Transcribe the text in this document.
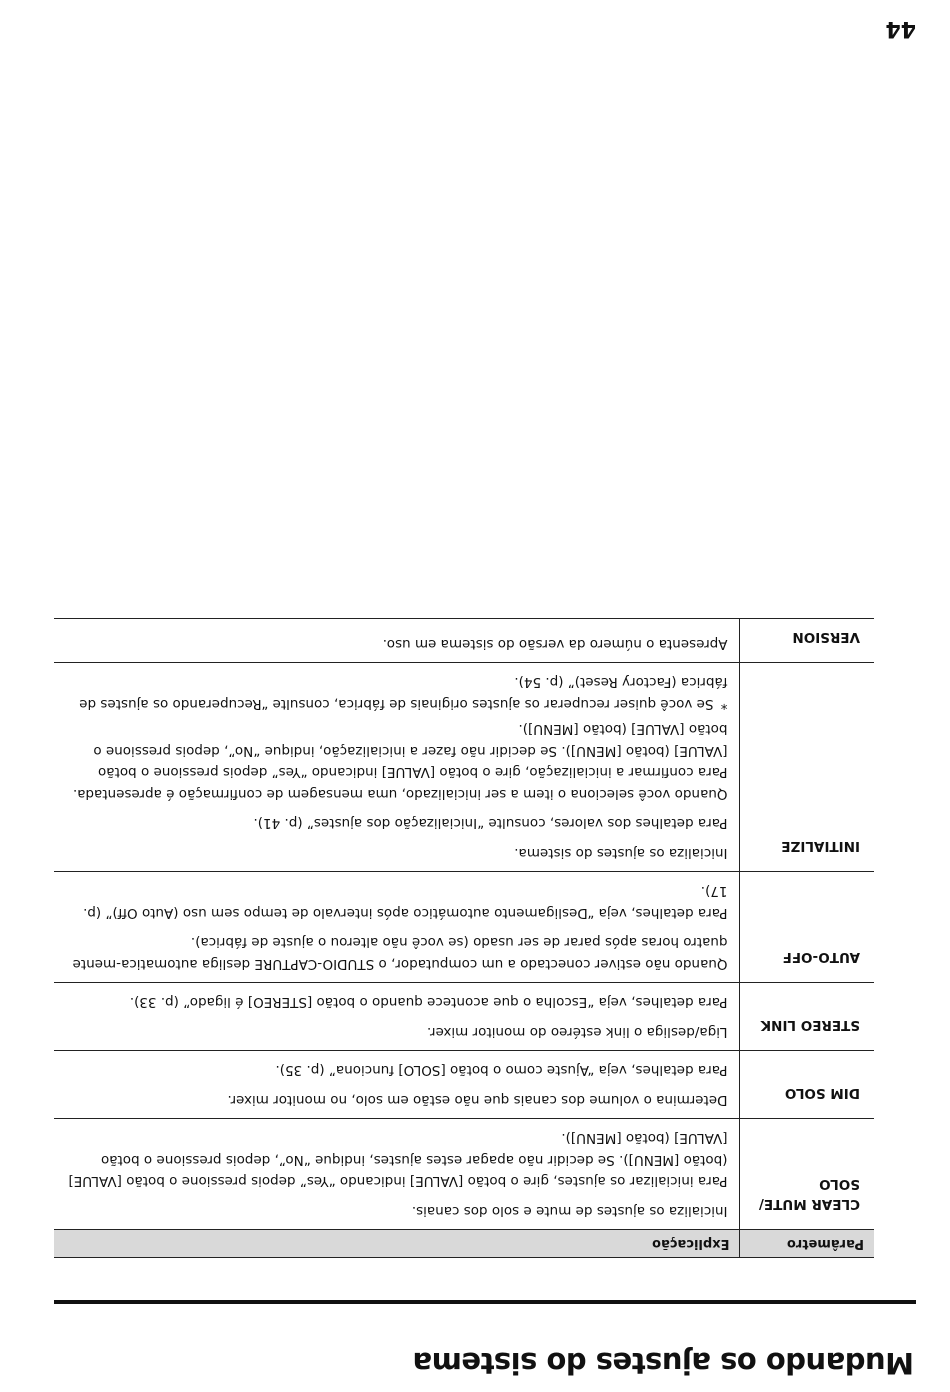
Mudando os ajustes do sistema
Parâmetro	Explicação
CLEAR MUTE/ SOLO	Inicializa os ajustes de mute e solo dos canais.

Para inicializar os ajustes, gire o botão [VALUE] indicando “Yes” depois pressione o botão [VALUE] (botão [MENU]). Se decidir não apagar estes ajustes, indique “No”, depois pressione o botão [VALUE] (botão [MENU]).

DIM SOLO	Determina o volume dos canais que não estão em solo, no monitor mixer.

Para detalhes, veja “Ajuste como o botão [SOLO] funciona” (p. 35).

STEREO LINK	Liga/desliga o link estéreo do monitor mixer.

Para detalhes, veja “Escolha o que acontece quando o botão [STEREO] é ligado” (p. 33).

AUTO-OFF	Quando não estiver conectado a um computador, o STUDIO-CAPTURE desliga automatica-mente quatro horas após parar de ser usado (se você não alterou o ajuste de fábrica).

Para detalhes, veja “Desligamento automático após intervalo de tempo sem uso (Auto Off)” (p. 17).

INITIALIZE	Inicializa os ajustes do sistema.

Para detalhes dos valores, consulte “Inicialização dos ajustes” (p. 41).

Quando você seleciona o item a ser inicializado, uma mensagem de confirmação é apresentada. Para confirmar a inicialização, gire o botão [VALUE] indicando “Yes” depois pressione o botão [VALUE] (botão [MENU]). Se decidir não fazer a inicialização, indique “No”, depois pressione o botão [VALUE] (botão [MENU]).

*Se você quiser recuperar os ajustes originais de fábrica, consulte “Recuperando os ajustes de fábrica (Factory Reset)” (p. 54).

VERSION	Apresenta o número da versão do sistema em uso.

44
